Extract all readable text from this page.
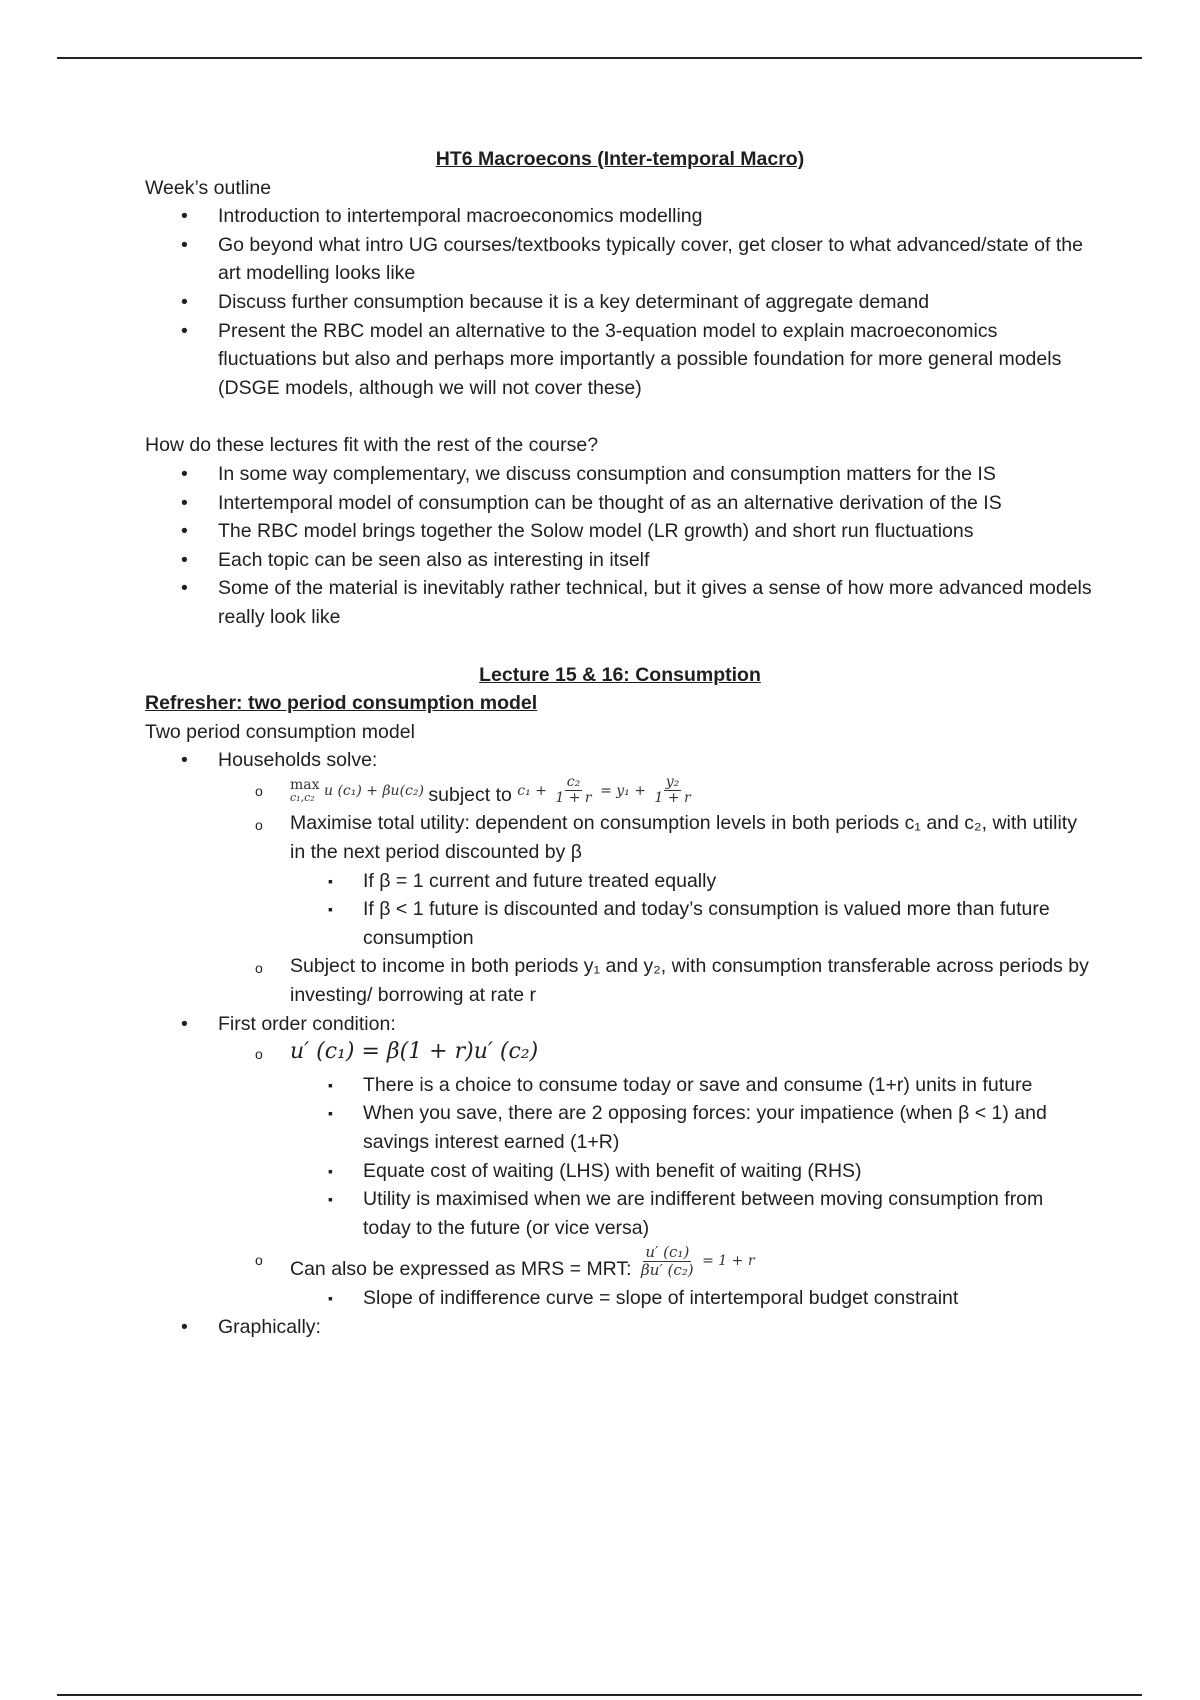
HT6 Macroecons (Inter-temporal Macro)

Week’s outline

• Introduction to intertemporal macroeconomics modelling
• Go beyond what intro UG courses/textbooks typically cover, get closer to what advanced/state of the art modelling looks like
• Discuss further consumption because it is a key determinant of aggregate demand
• Present the RBC model an alternative to the 3-equation model to explain macroeconomics fluctuations but also and perhaps more importantly a possible foundation for more general models (DSGE models, although we will not cover these)

How do these lectures fit with the rest of the course?

• In some way complementary, we discuss consumption and consumption matters for the IS
• Intertemporal model of consumption can be thought of as an alternative derivation of the IS
• The RBC model brings together the Solow model (LR growth) and short run fluctuations
• Each topic can be seen also as interesting in itself
• Some of the material is inevitably rather technical, but it gives a sense of how more advanced models really look like

Lecture 15 & 16: Consumption

Refresher: two period consumption model

Two period consumption model

• Households solve:
o max
c₁,c₂ u (c₁) + βu(c₂) subject to $c_1 + \frac{\text{c₂}}{1 + r} = y_1 + \frac{\text{y₂}}{1 + r}$
o Maximise total utility: dependent on consumption levels in both periods c₁ and c₂, with utility in the next period discounted by β
▪ If β = 1 current and future treated equally
▪ If β < 1 future is discounted and today’s consumption is valued more than future consumption
o Subject to income in both periods y₁ and y₂, with consumption transferable across periods by investing/ borrowing at rate r
• First order condition:
o u′ (c₁) = β(1 + r)u′ (c₂)
▪ There is a choice to consume today or save and consume (1+r) units in future
▪ When you save, there are 2 opposing forces: your impatience (when β < 1) and savings interest earned (1+R)
▪ Equate cost of waiting (LHS) with benefit of waiting (RHS)
▪ Utility is maximised when we are indifferent between moving consumption from today to the future (or vice versa)
o Can also be expressed as MRS = MRT: $\frac{\text{u′ (c₁)}}{\text{βu′ (c₂)}} = 1 + r$
▪ Slope of indifference curve = slope of intertemporal budget constraint
• Graphically:
